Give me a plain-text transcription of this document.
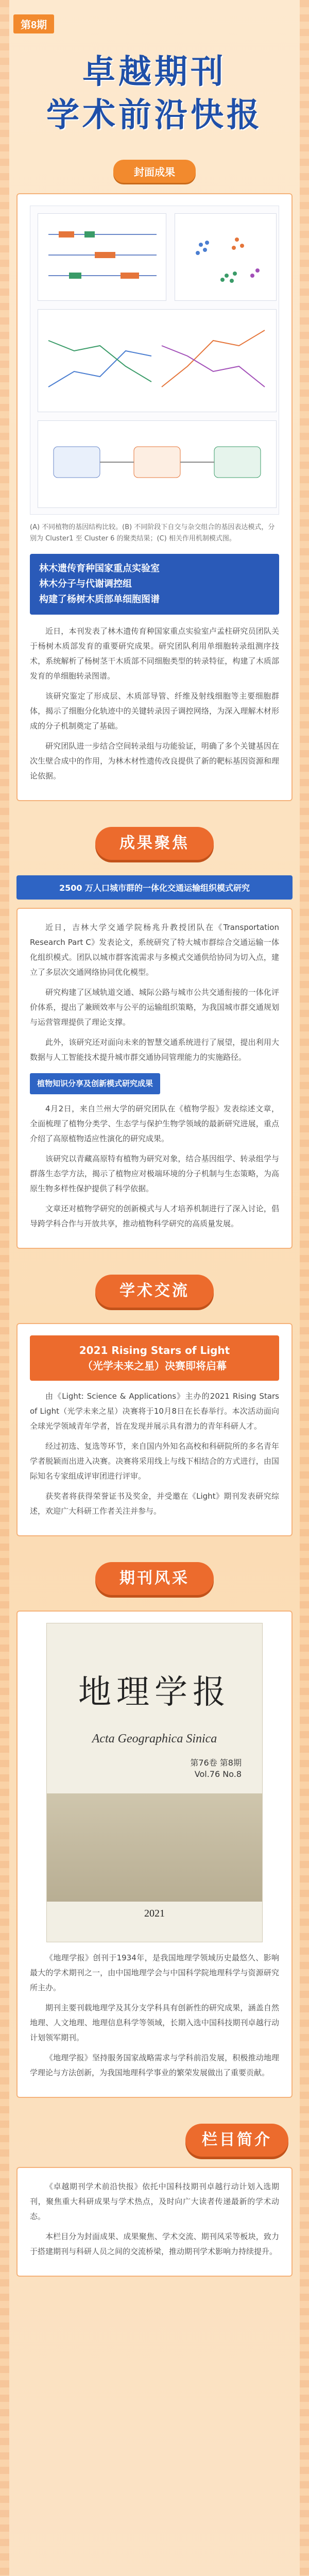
第8期
卓越期刊
学术前沿快报
封面成果
(A) 不同植物的基因结构比较。(B) 不同阶段下自交与杂交组合的基因表达模式，分别为 Cluster1 至 Cluster 6 的聚类结果；(C) 相关作用机制模式图。
林木遗传育种国家重点实验室
林木分子与代谢调控组
构建了杨树木质部单细胞图谱

近日，本刊发表了林木遗传育种国家重点实验室卢孟柱研究员团队关于杨树木质部发育的重要研究成果。研究团队利用单细胞转录组测序技术，系统解析了杨树茎干木质部不同细胞类型的转录特征，构建了木质部发育的单细胞转录图谱。

该研究鉴定了形成层、木质部导管、纤维及射线细胞等主要细胞群体，揭示了细胞分化轨迹中的关键转录因子调控网络，为深入理解木材形成的分子机制奠定了基础。

研究团队进一步结合空间转录组与功能验证，明确了多个关键基因在次生壁合成中的作用，为林木材性遗传改良提供了新的靶标基因资源和理论依据。

成果聚焦
2500 万人口城市群的一体化交通运输组织模式研究

近日，吉林大学交通学院杨兆升教授团队在《Transportation Research Part C》发表论文，系统研究了特大城市群综合交通运输一体化组织模式。团队以城市群客流需求与多模式交通供给协同为切入点，建立了多层次交通网络协同优化模型。

研究构建了区域轨道交通、城际公路与城市公共交通衔接的一体化评价体系，提出了兼顾效率与公平的运输组织策略，为我国城市群交通规划与运营管理提供了理论支撑。

此外，该研究还对面向未来的智慧交通系统进行了展望，提出利用大数据与人工智能技术提升城市群交通协同管理能力的实施路径。

植物知识分享及创新模式研究成果

4月2日，来自兰州大学的研究团队在《植物学报》发表综述文章，全面梳理了植物分类学、生态学与保护生物学领域的最新研究进展，重点介绍了高原植物适应性演化的研究成果。

该研究以青藏高原特有植物为研究对象，结合基因组学、转录组学与群落生态学方法，揭示了植物应对极端环境的分子机制与生态策略，为高原生物多样性保护提供了科学依据。

文章还对植物学研究的创新模式与人才培养机制进行了深入讨论，倡导跨学科合作与开放共享，推动植物科学研究的高质量发展。

学术交流
2021 Rising Stars of Light
（光学未来之星）决赛即将启幕

由《Light: Science & Applications》主办的2021 Rising Stars of Light（光学未来之星）决赛将于10月8日在长春举行。本次活动面向全球光学领域青年学者，旨在发现并展示具有潜力的青年科研人才。

经过初选、复选等环节，来自国内外知名高校和科研院所的多名青年学者脱颖而出进入决赛。决赛将采用线上与线下相结合的方式进行，由国际知名专家组成评审团进行评审。

获奖者将获得荣誉证书及奖金，并受邀在《Light》期刊发表研究综述，欢迎广大科研工作者关注并参与。

期刊风采
地理学报
Acta Geographica Sinica
第76卷 第8期
Vol.76 No.8
2021

《地理学报》创刊于1934年，是我国地理学领域历史最悠久、影响最大的学术期刊之一，由中国地理学会与中国科学院地理科学与资源研究所主办。

期刊主要刊载地理学及其分支学科具有创新性的研究成果，涵盖自然地理、人文地理、地理信息科学等领域，长期入选中国科技期刊卓越行动计划领军期刊。

《地理学报》坚持服务国家战略需求与学科前沿发展，积极推动地理学理论与方法创新，为我国地理科学事业的繁荣发展做出了重要贡献。

栏目简介

《卓越期刊学术前沿快报》依托中国科技期刊卓越行动计划入选期刊，聚焦重大科研成果与学术热点，及时向广大读者传递最新的学术动态。

本栏目分为封面成果、成果聚焦、学术交流、期刊风采等板块，致力于搭建期刊与科研人员之间的交流桥梁，推动期刊学术影响力持续提升。
